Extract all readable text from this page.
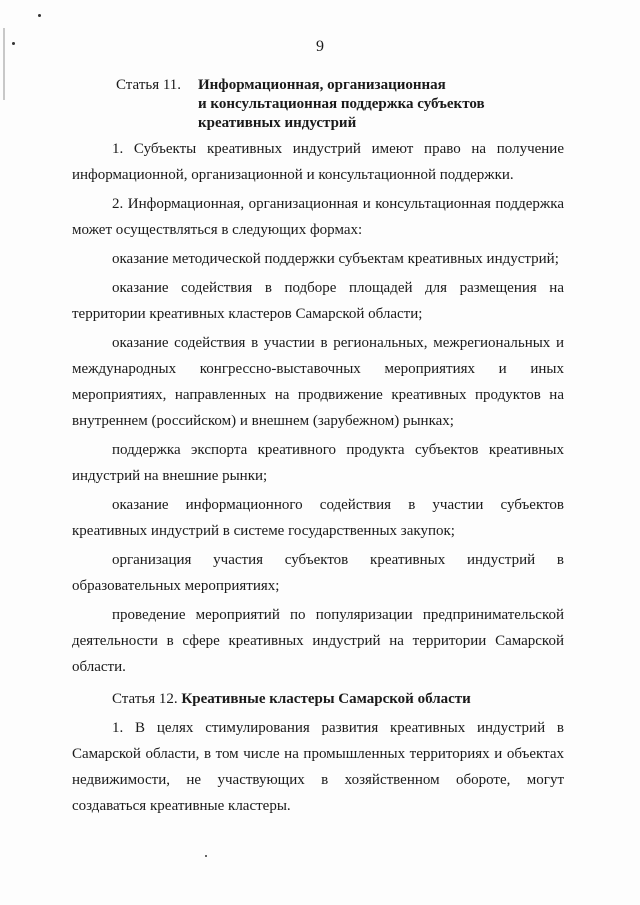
9
Статья 11.	Информационная, организационная
и консультационная поддержка субъектов
креативных индустрий

1. Субъекты креативных индустрий имеют право на получение информационной, организационной и консультационной поддержки.

2. Информационная, организационная и консультационная поддержка может осуществляться в следующих формах:

оказание методической поддержки субъектам креативных индустрий;

оказание содействия в подборе площадей для размещения на территории креативных кластеров Самарской области;

оказание содействия в участии в региональных, межрегиональных и международных конгрессно-выставочных мероприятиях и иных мероприятиях, направленных на продвижение креативных продуктов на внутреннем (российском) и внешнем (зарубежном) рынках;

поддержка экспорта креативного продукта субъектов креативных индустрий на внешние рынки;

оказание информационного содействия в участии субъектов креативных индустрий в системе государственных закупок;

организация участия субъектов креативных индустрий в образовательных мероприятиях;

проведение мероприятий по популяризации предпринимательской деятельности в сфере креативных индустрий на территории Самарской области.

Статья 12. Креативные кластеры Самарской области

1. В целях стимулирования развития креативных индустрий в Самарской области, в том числе на промышленных территориях и объектах недвижимости, не участвующих в хозяйственном обороте, могут создаваться креативные кластеры.
